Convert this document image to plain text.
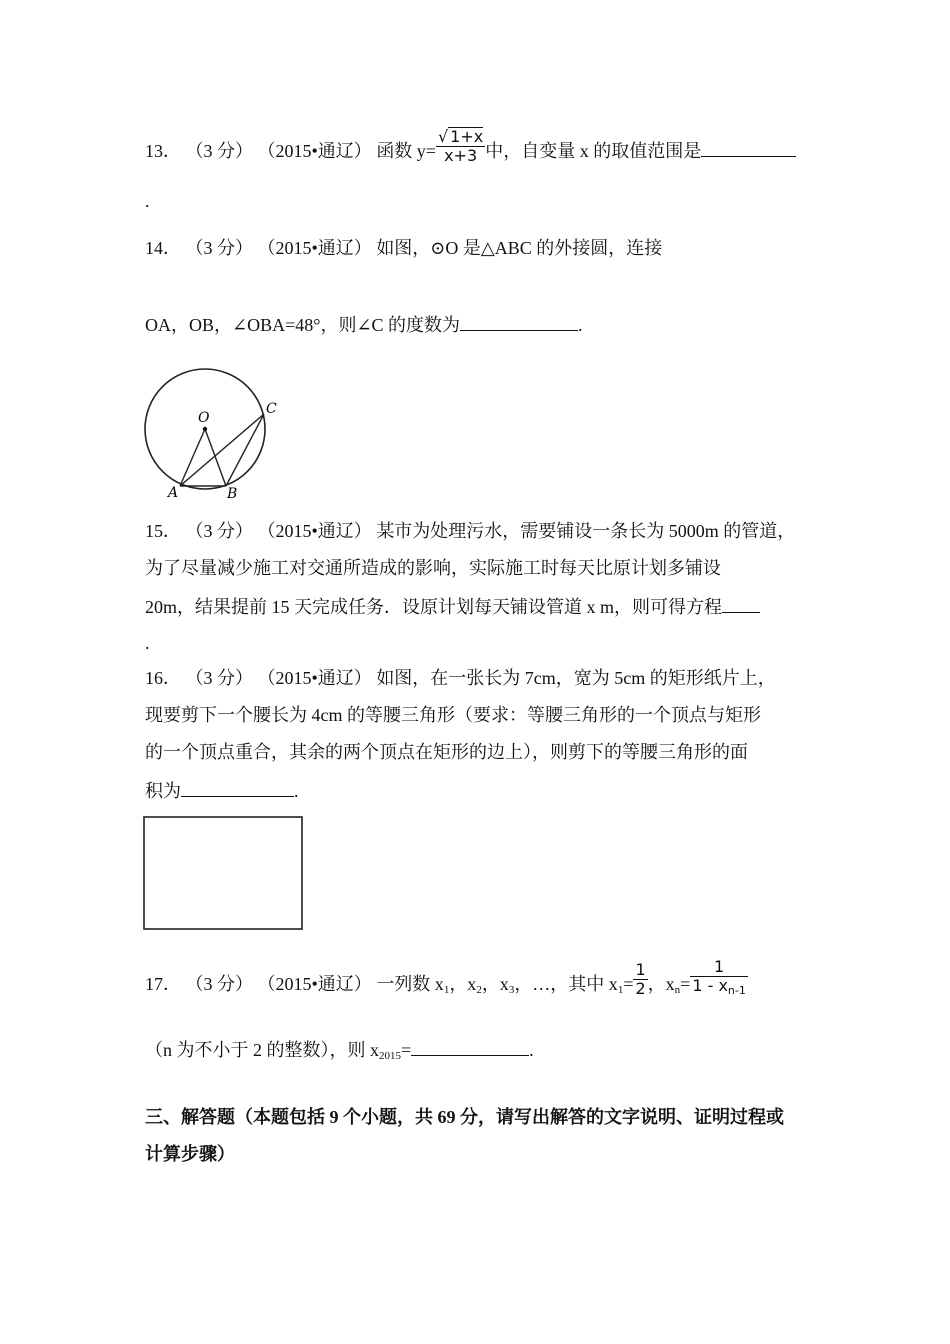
13． （3 分） （2015•通辽） 函数 $y= \frac{√ 1+x}{x+3}$ 中，自变量 x 的取值范围是
.
14． （3 分） （2015•通辽） 如图，⊙O 是△ABC 的外接圆，连接
OA，OB，∠OBA=48°，则∠C 的度数为	.
O
A	B
C
15． （3 分） （2015•通辽） 某市为处理污水，需要铺设一条长为 5000m 的管道，
为了尽量减少施工对交通所造成的影响，实际施工时每天比原计划多铺设
20m，结果提前 15 天完成任务．设原计划每天铺设管道 x m，则可得方程
.
16． （3 分） （2015•通辽） 如图，在一张长为 7cm，宽为 5cm 的矩形纸片上，
现要剪下一个腰长为 4cm 的等腰三角形（要求：等腰三角形的一个顶点与矩形
的一个顶点重合，其余的两个顶点在矩形的边上），则剪下的等腰三角形的面
积为	.
17． （3 分） （2015•通辽） 一列数 $x_1$，$x_2$，$x_3$，…，其中 $x_1= \frac{1}{2}$ ，$x_n= \frac{1}{1 - x_{n-1}}$
（n 为不小于 2 的整数），则 $x_{2015}=$	.
三、解答题（本题包括 9 个小题，共 69 分，请写出解答的文字说明、证明过程或
计算步骤）
